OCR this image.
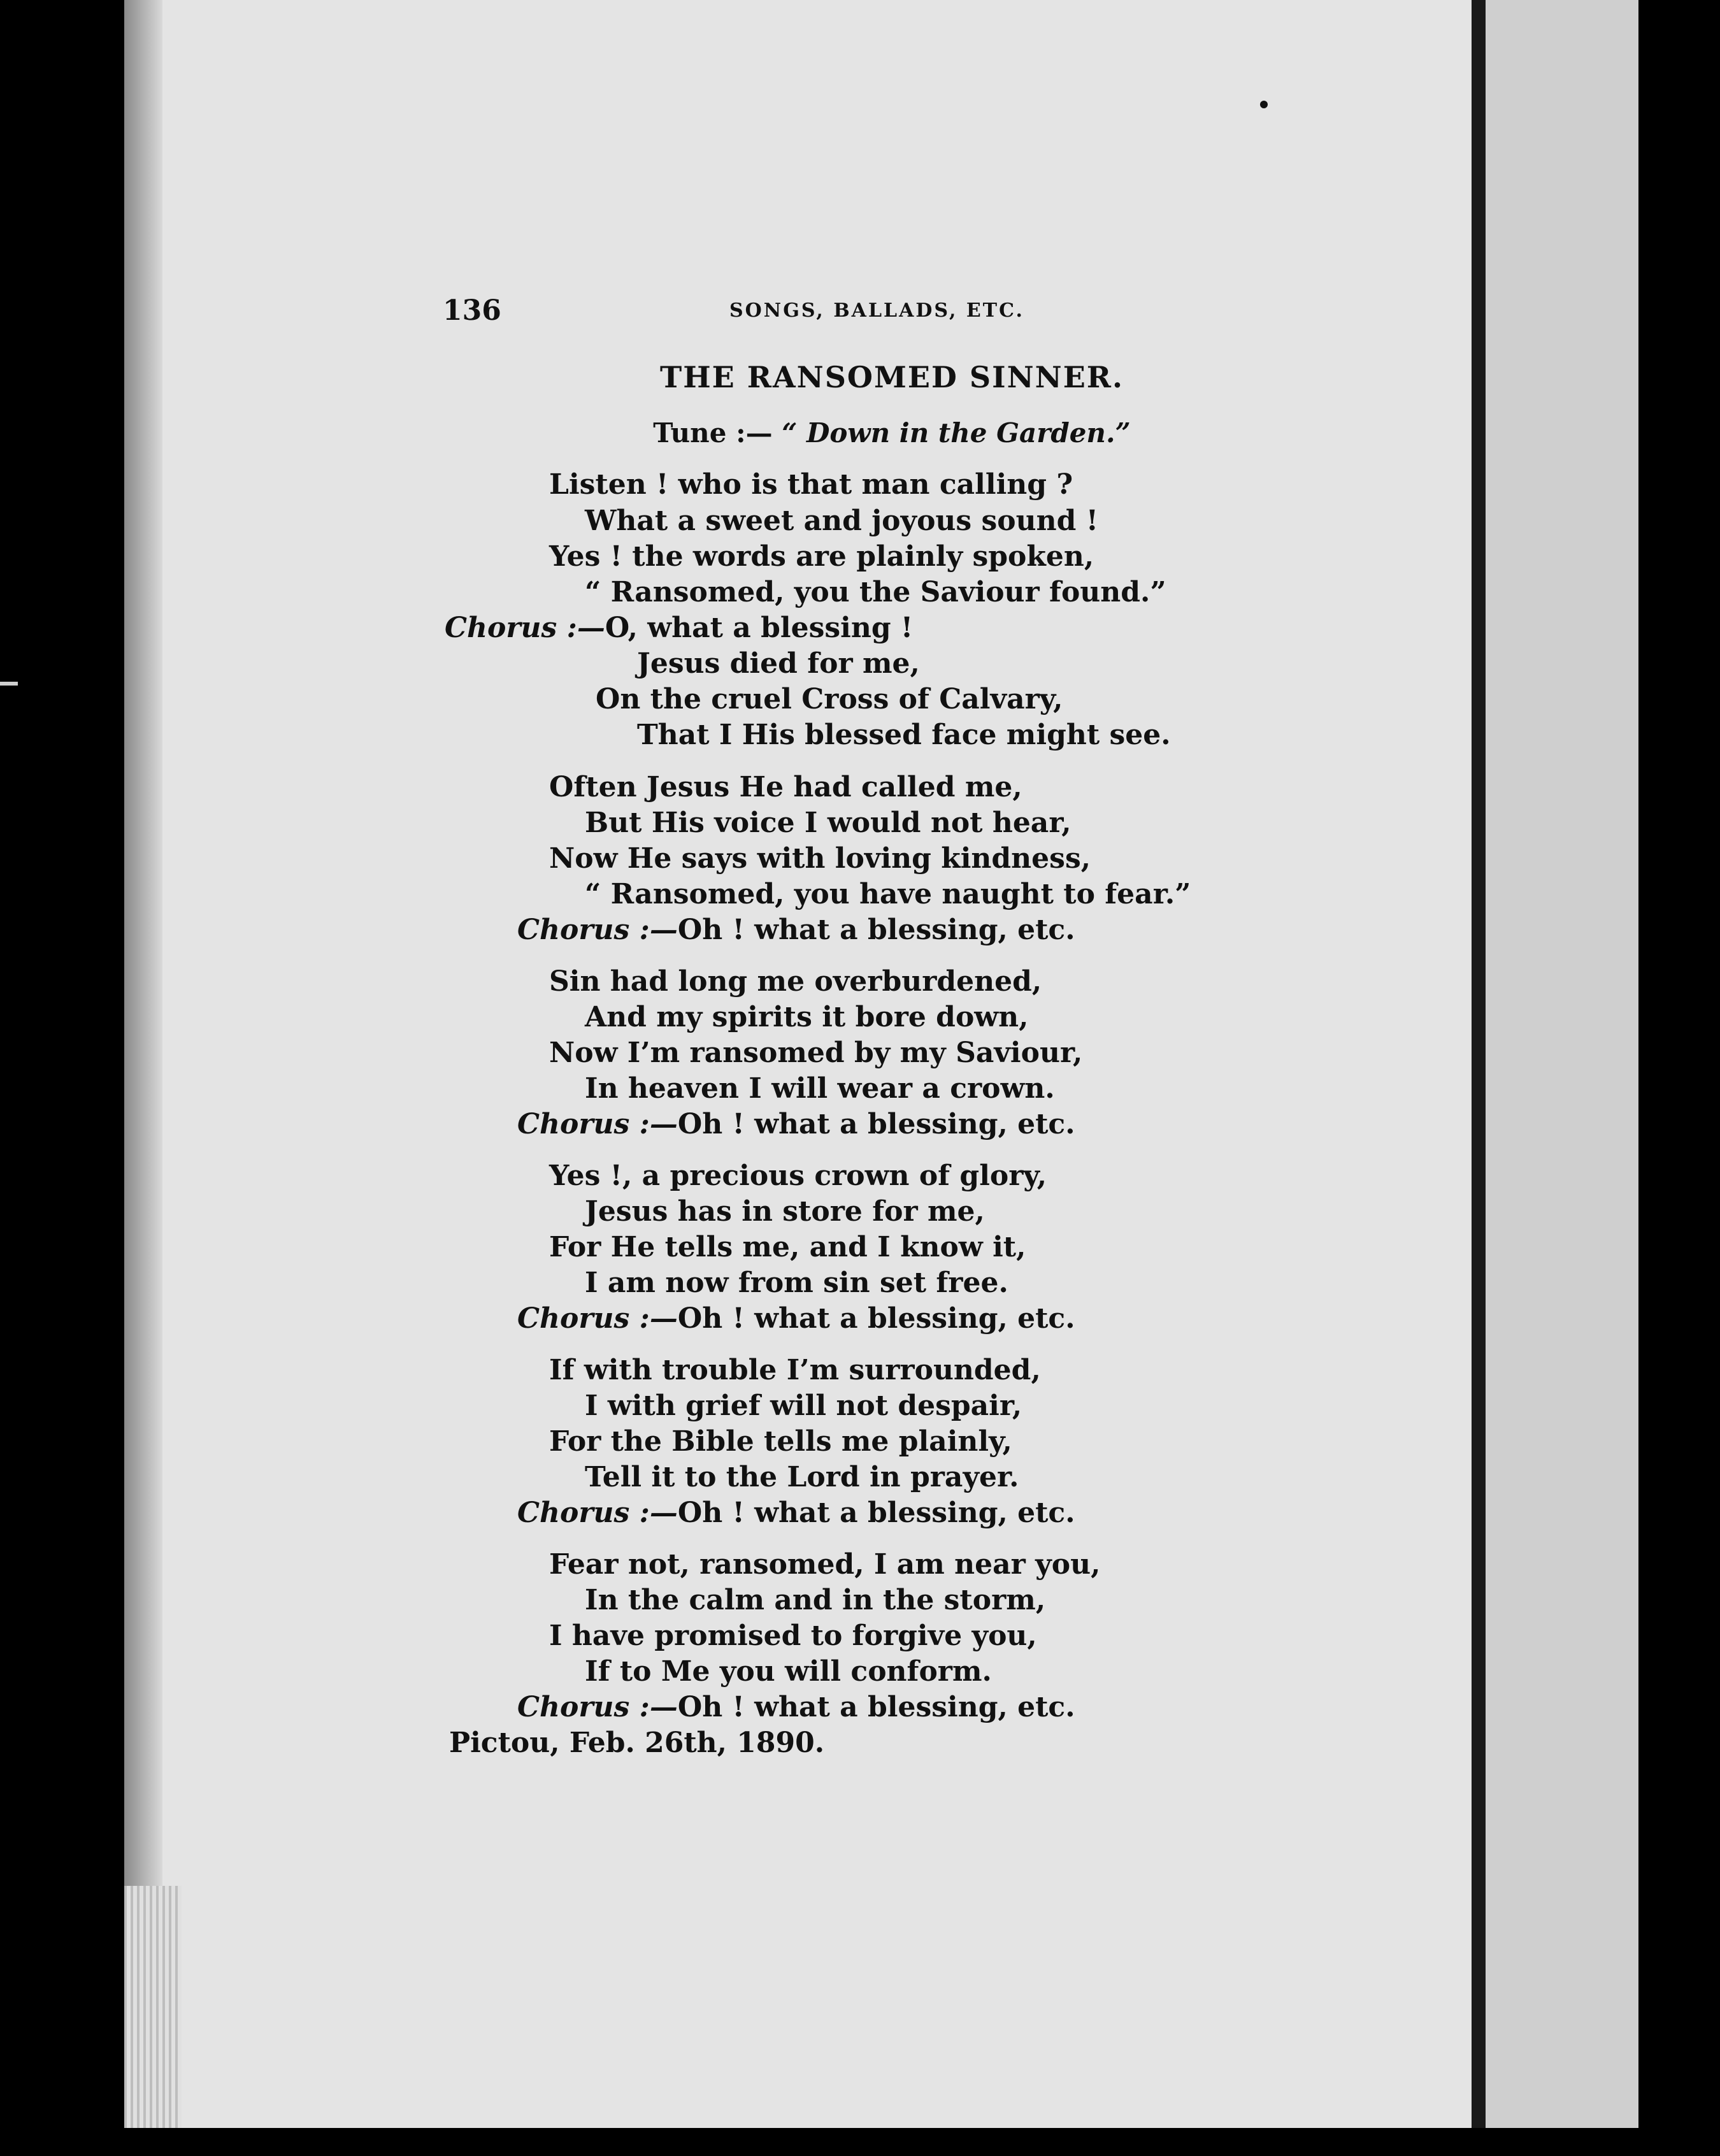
136	SONGS, BALLADS, ETC.
THE RANSOMED SINNER.
Tune :— “ Down in the Garden.”
Listen ! who is that man calling ?
What a sweet and joyous sound !
Yes ! the words are plainly spoken,
“ Ransomed, you the Saviour found.”
Chorus :—O, what a blessing !
Jesus died for me,
On the cruel Cross of Calvary,
That I His blessed face might see.
Often Jesus He had called me,
But His voice I would not hear,
Now He says with loving kindness,
“ Ransomed, you have naught to fear.”
Chorus :—Oh ! what a blessing, etc.
Sin had long me overburdened,
And my spirits it bore down,
Now I’m ransomed by my Saviour,
In heaven I will wear a crown.
Chorus :—Oh ! what a blessing, etc.
Yes !, a precious crown of glory,
Jesus has in store for me,
For He tells me, and I know it,
I am now from sin set free.
Chorus :—Oh ! what a blessing, etc.
If with trouble I’m surrounded,
I with grief will not despair,
For the Bible tells me plainly,
Tell it to the Lord in prayer.
Chorus :—Oh ! what a blessing, etc.
Fear not, ransomed, I am near you,
In the calm and in the storm,
I have promised to forgive you,
If to Me you will conform.
Chorus :—Oh ! what a blessing, etc.
Pictou, Feb. 26th, 1890.
